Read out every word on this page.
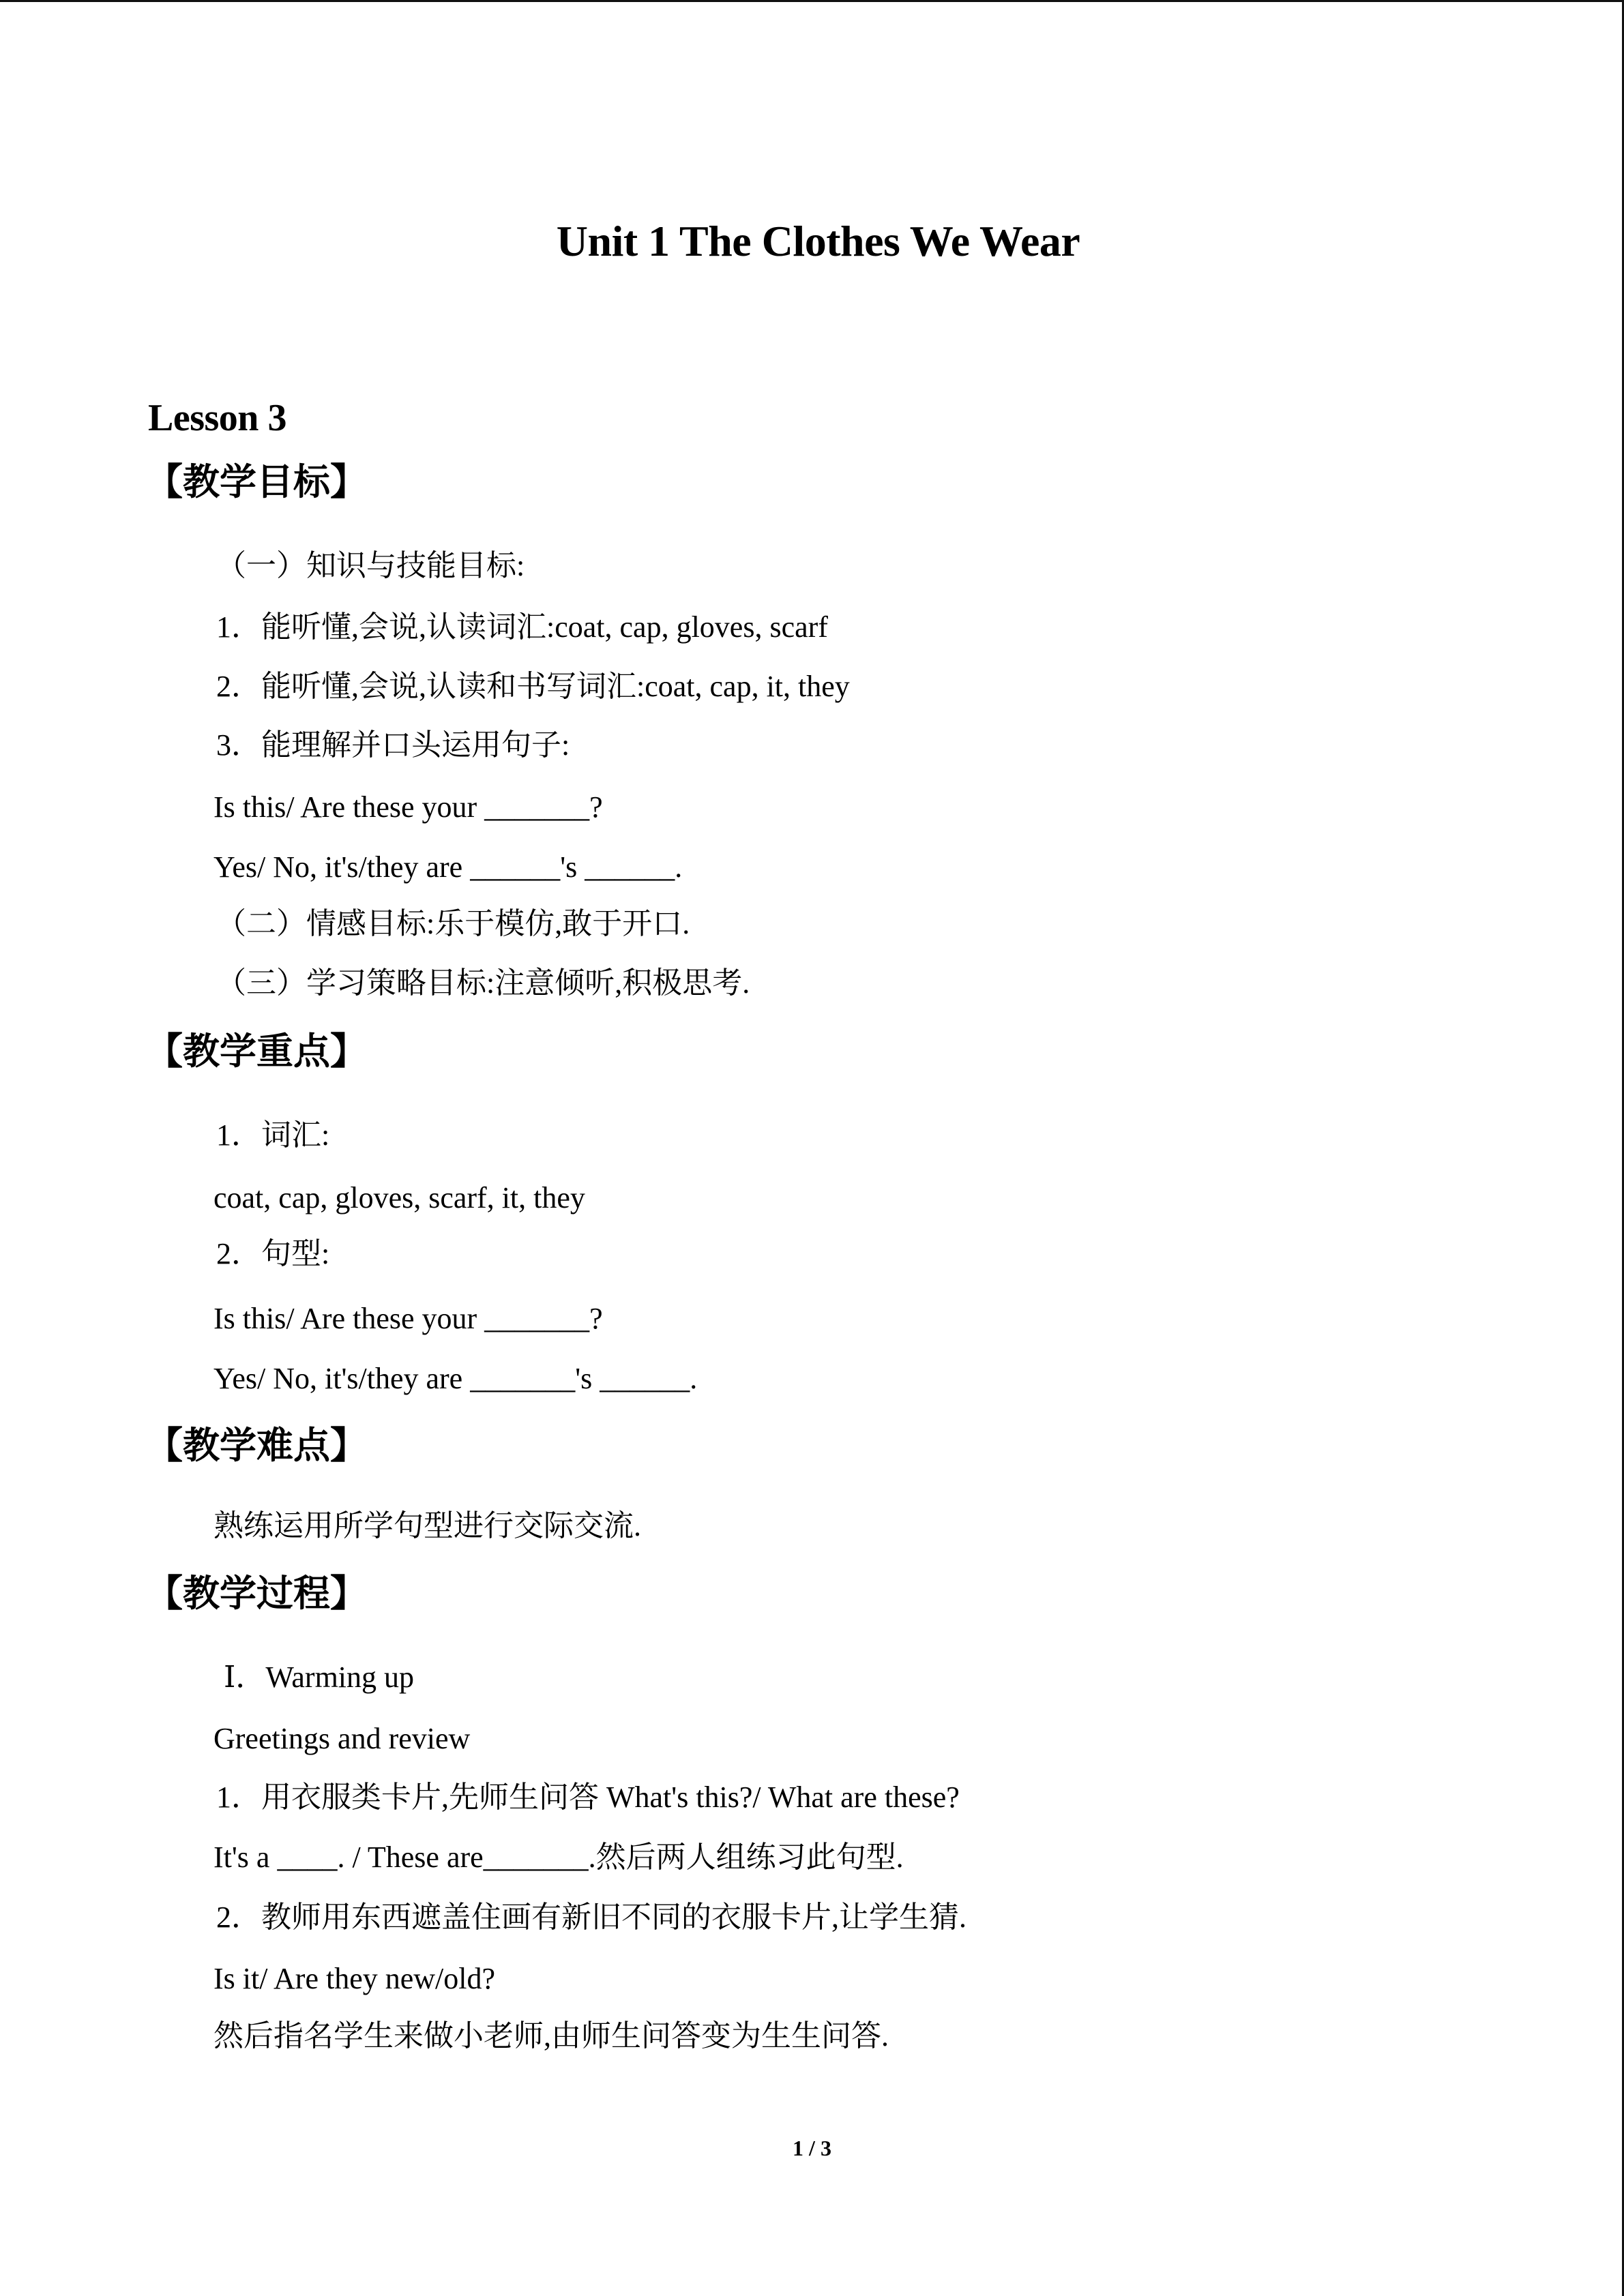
Unit 1 The Clothes We Wear
Lesson 3
【教学目标】
（一）知识与技能目标:
1．能听懂,会说,认读词汇:coat, cap, gloves, scarf
2．能听懂,会说,认读和书写词汇:coat, cap, it, they
3．能理解并口头运用句子:
Is this/ Are these your _______?
Yes/ No, it's/they are ______'s ______.
（二）情感目标:乐于模仿,敢于开口.
（三）学习策略目标:注意倾听,积极思考.
【教学重点】
1．词汇:
coat, cap, gloves, scarf, it, they
2．句型:
Is this/ Are these your _______?
Yes/ No, it's/they are _______'s ______.
【教学难点】
熟练运用所学句型进行交际交流.
【教学过程】
Ⅰ．Warming up
Greetings and review
1．用衣服类卡片,先师生问答 What's this?/ What are these?
It's a ____. / These are_______.然后两人组练习此句型.
2．教师用东西遮盖住画有新旧不同的衣服卡片,让学生猜.
Is it/ Are they new/old?
然后指名学生来做小老师,由师生问答变为生生问答.
1 / 3
